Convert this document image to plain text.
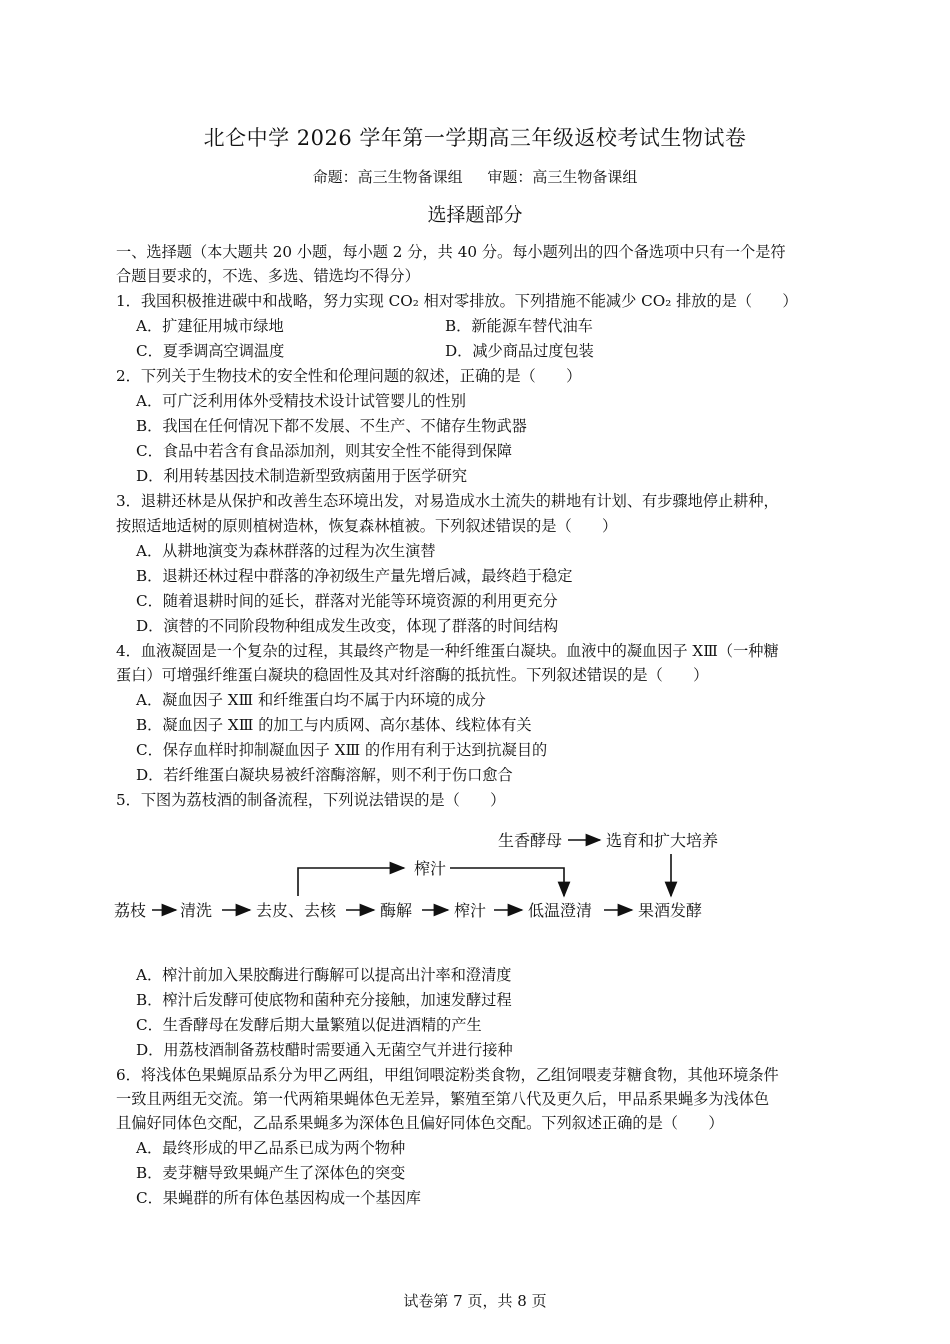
北仑中学 2026 学年第一学期高三年级返校考试生物试卷
命题：高三生物备课组 审题：高三生物备课组
选择题部分
一、选择题（本大题共 20 小题，每小题 2 分，共 40 分。每小题列出的四个备选项中只有一个是符
合题目要求的，不选、多选、错选均不得分）
1．我国积极推进碳中和战略，努力实现 CO₂ 相对零排放。下列措施不能减少 CO₂ 排放的是（　　）
A．扩建征用城市绿地	B．新能源车替代油车
C．夏季调高空调温度	D．减少商品过度包装
2．下列关于生物技术的安全性和伦理问题的叙述，正确的是（　　）
A．可广泛利用体外受精技术设计试管婴儿的性别
B．我国在任何情况下都不发展、不生产、不储存生物武器
C．食品中若含有食品添加剂，则其安全性不能得到保障
D．利用转基因技术制造新型致病菌用于医学研究
3．退耕还林是从保护和改善生态环境出发，对易造成水土流失的耕地有计划、有步骤地停止耕种，
按照适地适树的原则植树造林，恢复森林植被。下列叙述错误的是（　　）
A．从耕地演变为森林群落的过程为次生演替
B．退耕还林过程中群落的净初级生产量先增后减，最终趋于稳定
C．随着退耕时间的延长，群落对光能等环境资源的利用更充分
D．演替的不同阶段物种组成发生改变，体现了群落的时间结构
4．血液凝固是一个复杂的过程，其最终产物是一种纤维蛋白凝块。血液中的凝血因子 XⅢ（一种糖
蛋白）可增强纤维蛋白凝块的稳固性及其对纤溶酶的抵抗性。下列叙述错误的是（　　）
A．凝血因子 XⅢ 和纤维蛋白均不属于内环境的成分
B．凝血因子 XⅢ 的加工与内质网、高尔基体、线粒体有关
C．保存血样时抑制凝血因子 XⅢ 的作用有利于达到抗凝目的
D．若纤维蛋白凝块易被纤溶酶溶解，则不利于伤口愈合
5．下图为荔枝酒的制备流程，下列说法错误的是（　　）
生香酵母	选育和扩大培养
榨汁
荔枝 清洗	去皮、去核	酶解	榨汁	低温澄清	果酒发酵
A．榨汁前加入果胶酶进行酶解可以提高出汁率和澄清度
B．榨汁后发酵可使底物和菌种充分接触，加速发酵过程
C．生香酵母在发酵后期大量繁殖以促进酒精的产生
D．用荔枝酒制备荔枝醋时需要通入无菌空气并进行接种
6．将浅体色果蝇原品系分为甲乙两组，甲组饲喂淀粉类食物，乙组饲喂麦芽糖食物，其他环境条件
一致且两组无交流。第一代两箱果蝇体色无差异，繁殖至第八代及更久后，甲品系果蝇多为浅体色
且偏好同体色交配，乙品系果蝇多为深体色且偏好同体色交配。下列叙述正确的是（　　）
A．最终形成的甲乙品系已成为两个物种
B．麦芽糖导致果蝇产生了深体色的突变
C．果蝇群的所有体色基因构成一个基因库
试卷第 7 页，共 8 页
